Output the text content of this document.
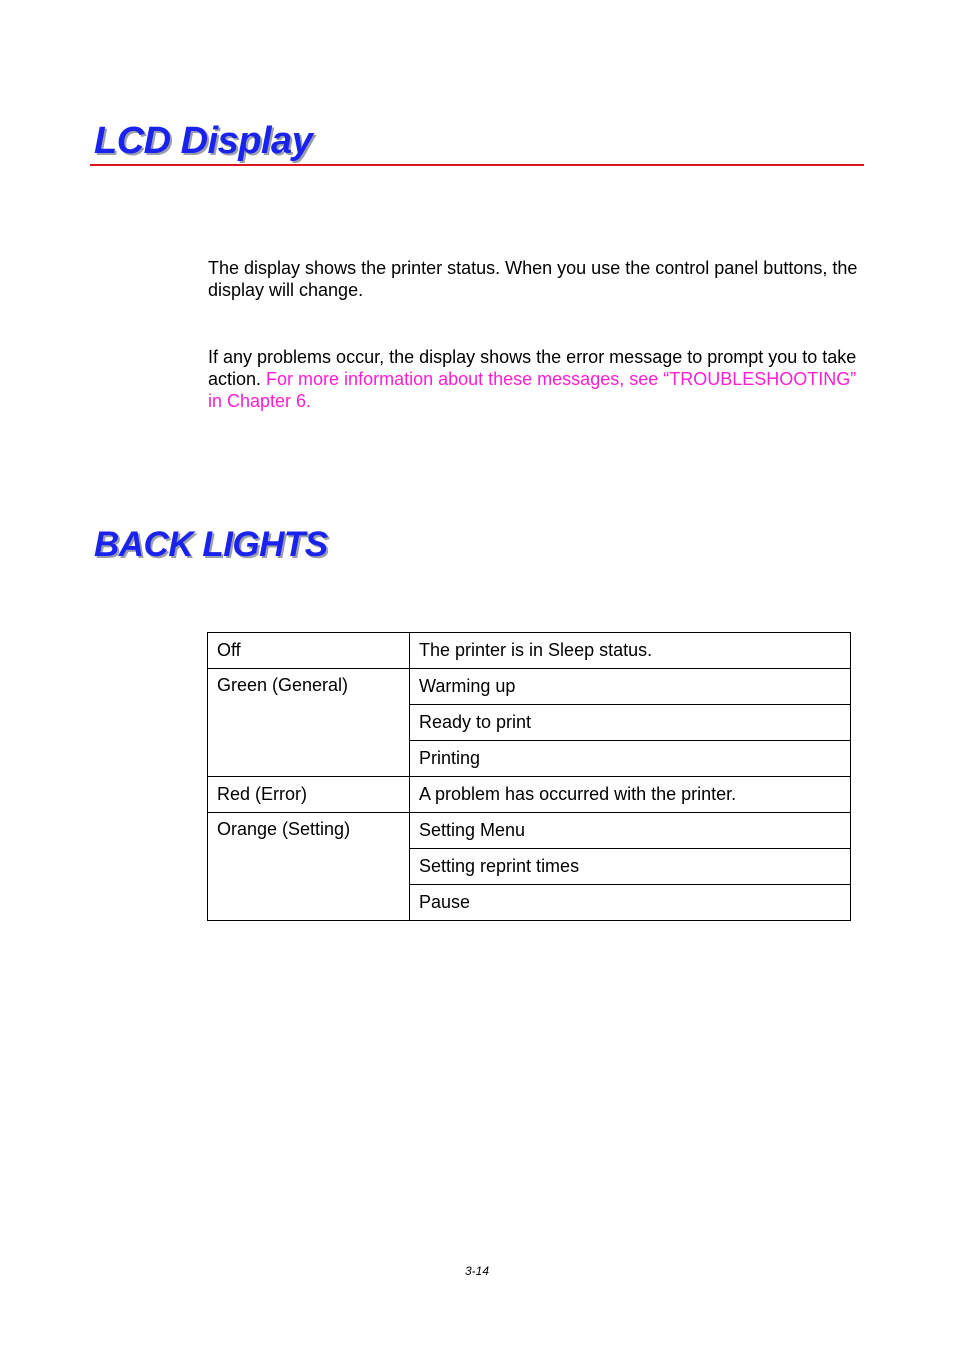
LCD Display

The display shows the printer status. When you use the control panel buttons, the display will change.

If any problems occur, the display shows the error message to prompt you to take action. For more information about these messages, see “TROUBLESHOOTING” in Chapter 6.

BACK LIGHTS
Off	The printer is in Sleep status.
Green (General)	Warming up
	Ready to print
	Printing
Red (Error)	A problem has occurred with the printer.
Orange (Setting)	Setting Menu
	Setting reprint times
	Pause
3-14
